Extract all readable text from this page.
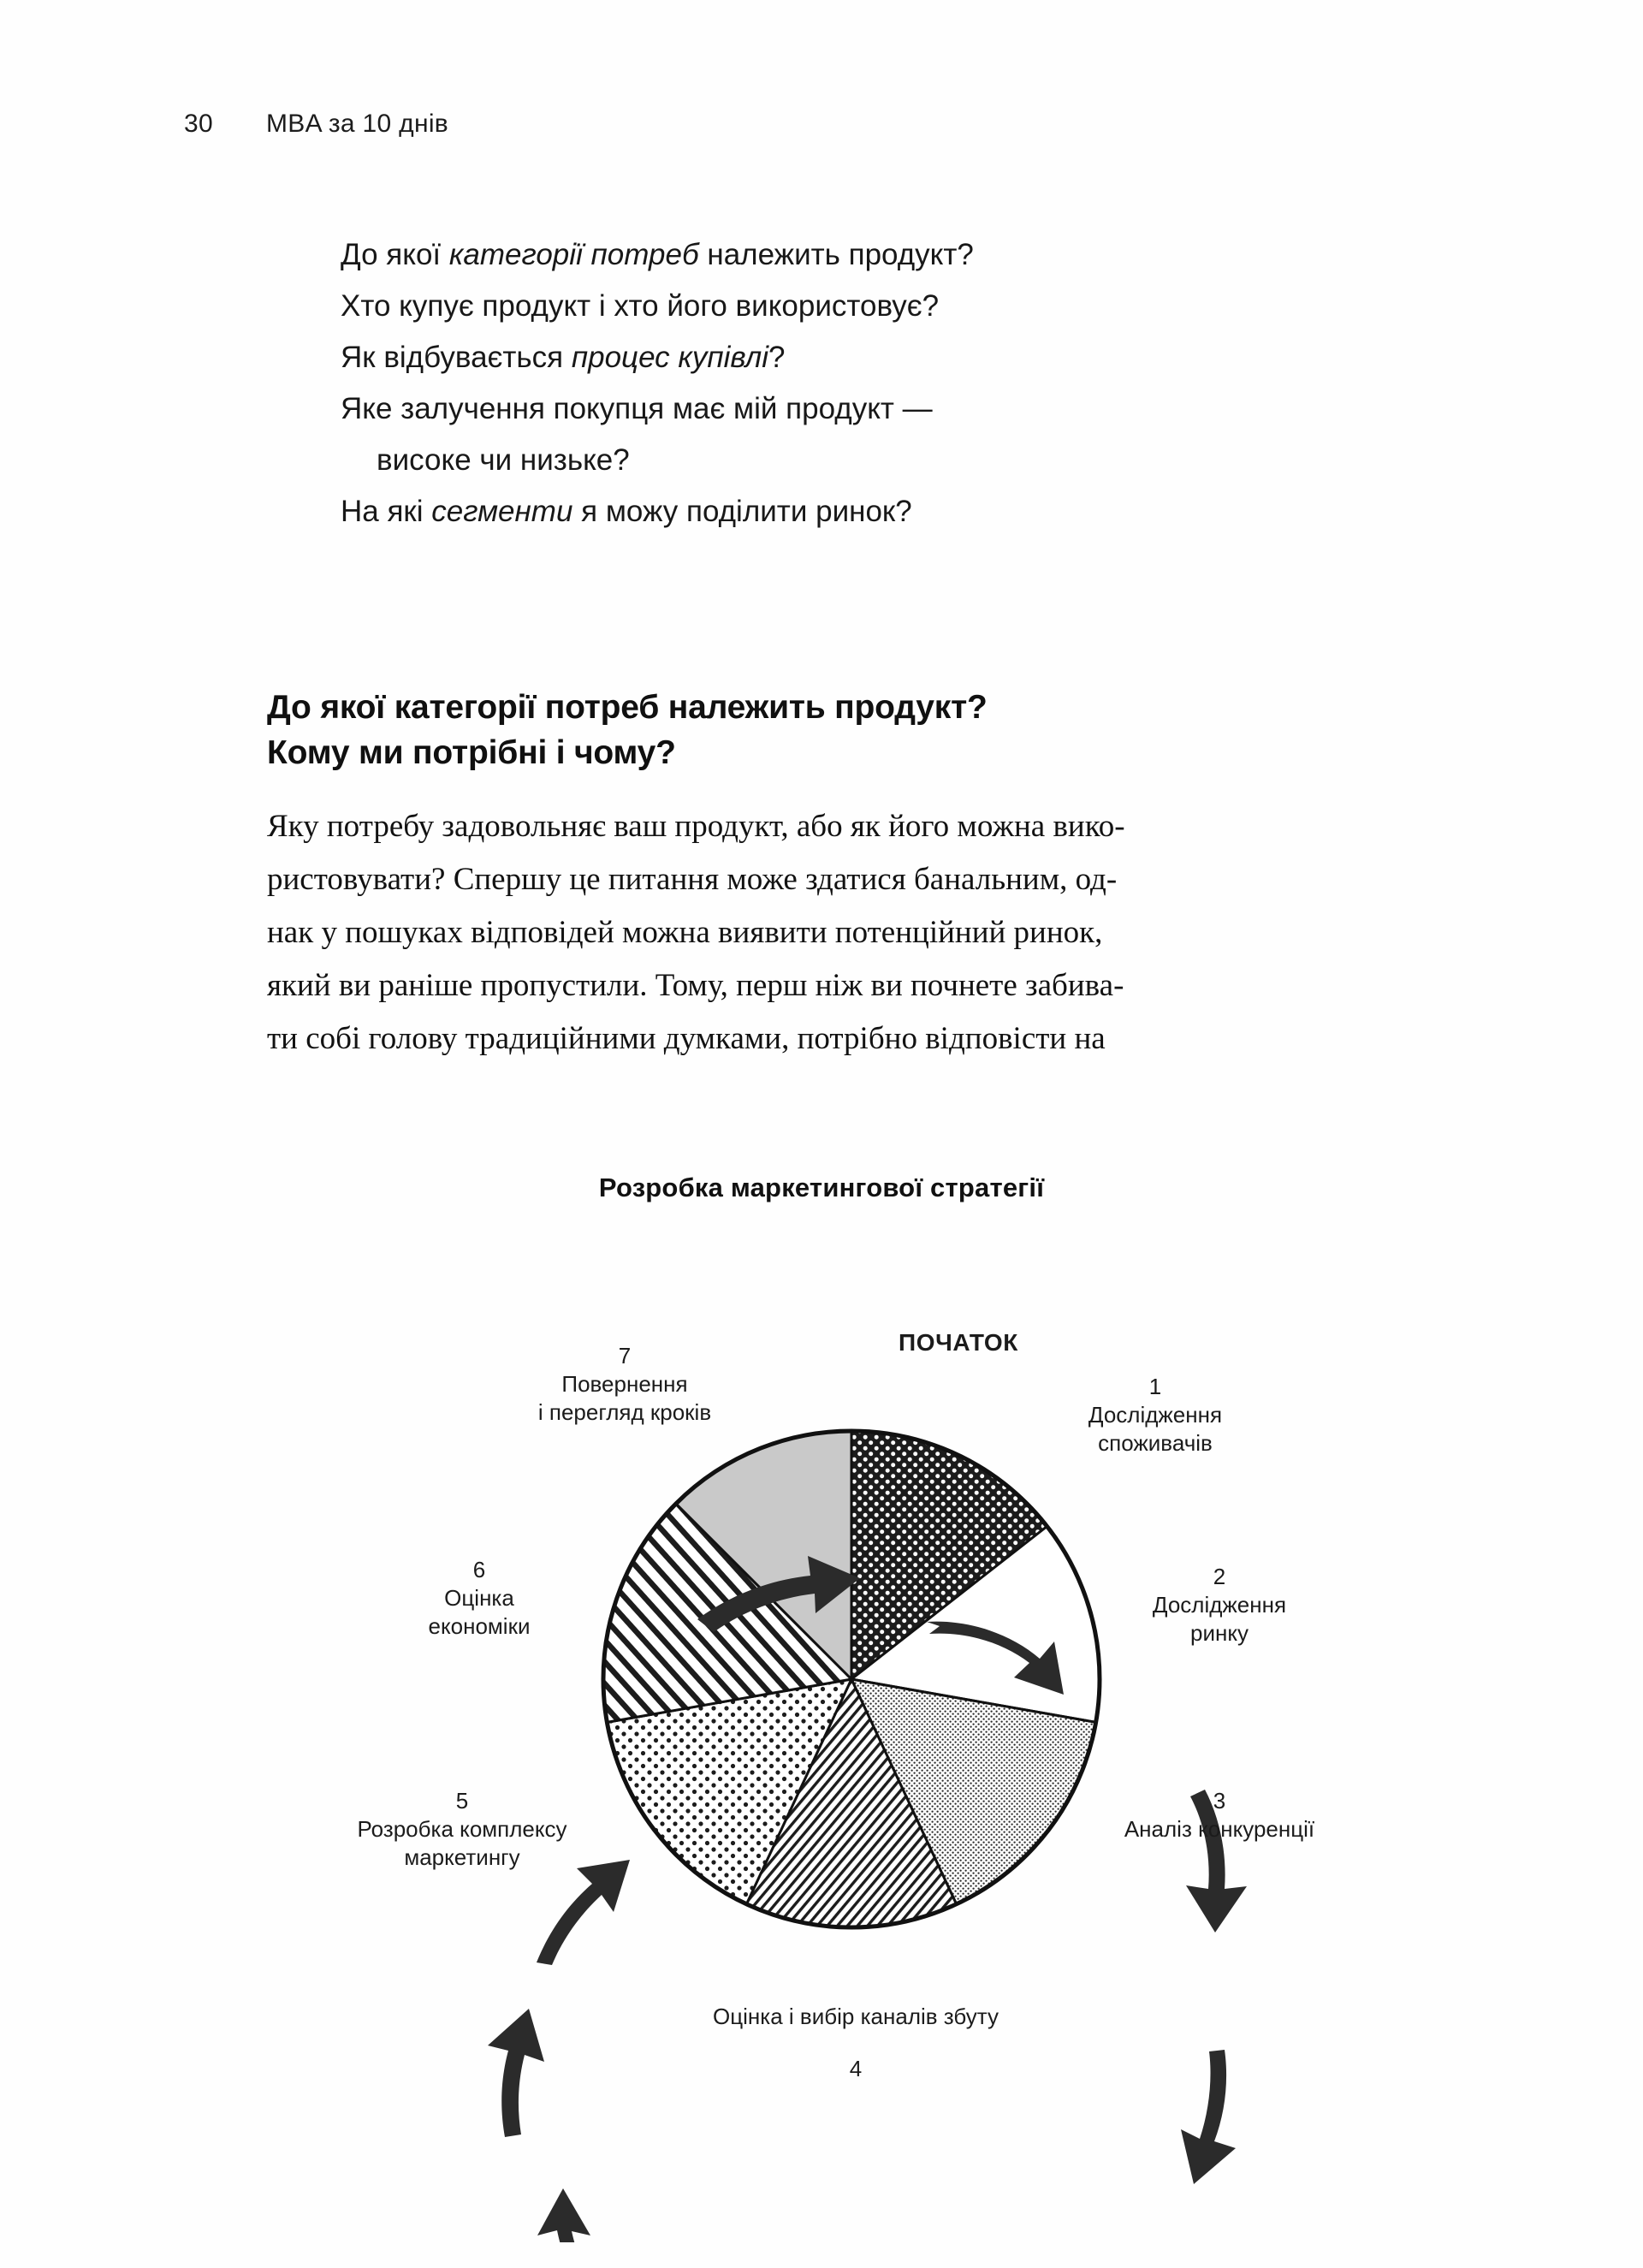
30 MBA за 10 днів
До якої категорії потреб належить продукт?
Хто купує продукт і хто його використовує?
Як відбувається процес купівлі?
Яке залучення покупця має мій продукт —
високе чи низьке?
На які сегменти я можу поділити ринок?
До якої категорії потреб належить продукт?
Кому ми потрібні і чому?
Яку потребу задовольняє ваш продукт, або як його можна вико-
ристовувати? Спершу це питання може здатися банальним, од-
нак у пошуках відповідей можна виявити потенційний ринок,
який ви раніше пропустили. Тому, перш ніж ви почнете забива-
ти собі голову традиційними думками, потрібно відповісти на
Розробка маркетингової стратегії
ПОЧАТОК
1
Дослідження
споживачів
2
Дослідження
ринку
3
Аналіз конкуренції
Оцінка і вибір каналів збуту
4
5
Розробка комплексу
маркетингу
6
Оцінка
економіки
7
Повернення
і перегляд кроків
